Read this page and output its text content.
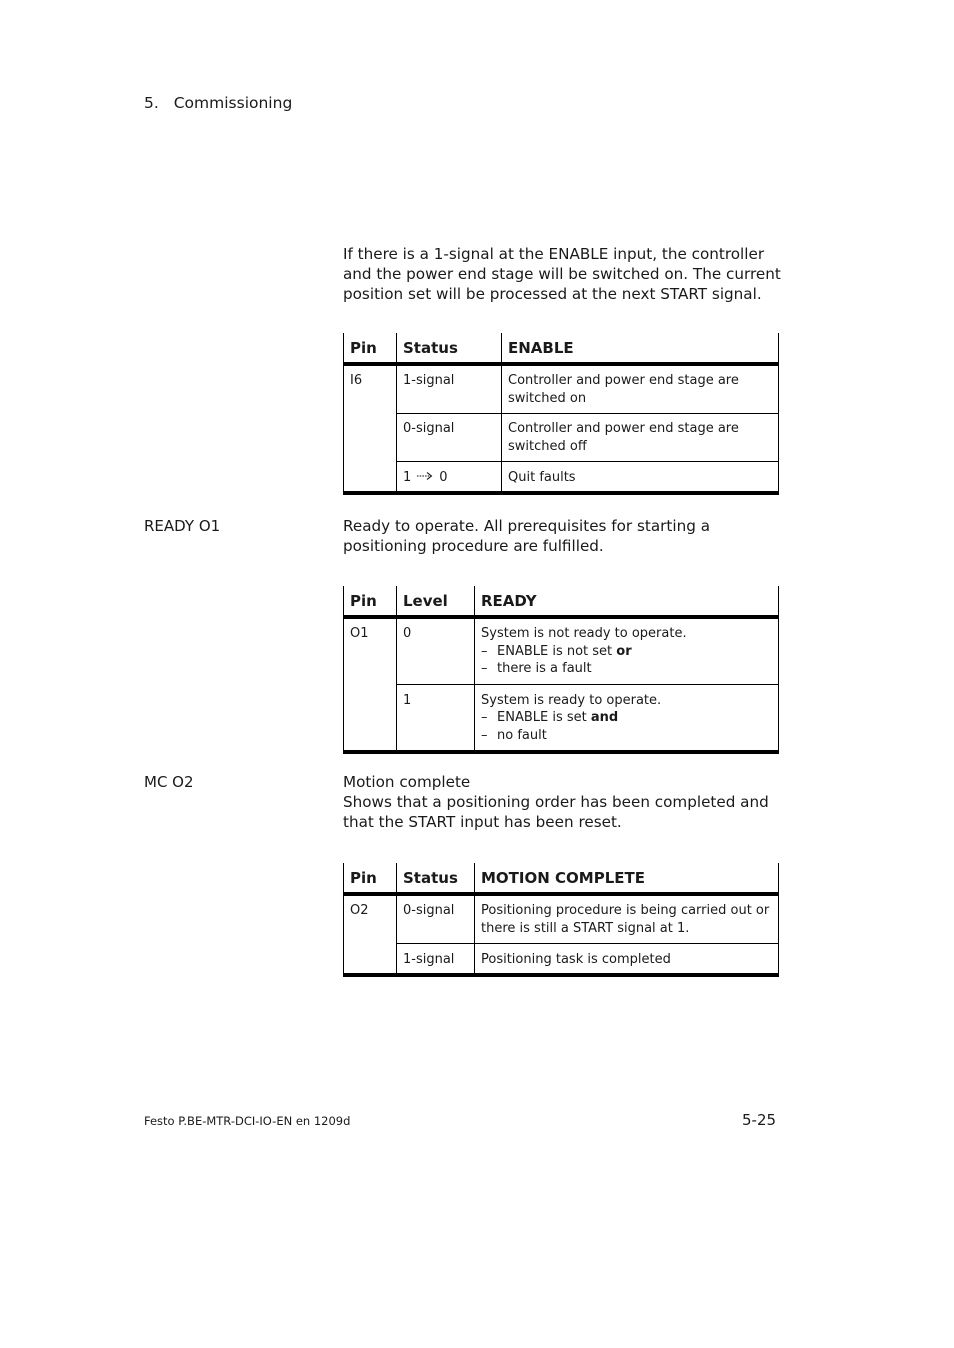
5. Commissioning
If there is a 1-signal at the ENABLE input, the controller and the power end stage will be switched on. The current position set will be processed at the next START signal.
Pin	Status	ENABLE
I6	1-signal	Controller and power end stage are switched on
	0-signal	Controller and power end stage are switched off
	1 0	Quit faults
READY O1	Ready to operate. All prerequisites for starting a positioning procedure are fulfilled.
Pin	Level	READY
O1	0	System is not ready to operate.
– ENABLE is not set or
– there is a fault

	1	System is ready to operate.
– ENABLE is set and
– no fault
MC O2	Motion complete
Shows that a positioning order has been completed and that the START input has been reset.
Pin	Status	MOTION COMPLETE
O2	0-signal	Positioning procedure is being carried out or there is still a START signal at 1.
	1-signal	Positioning task is completed
Festo P.BE-MTR-DCI-IO-EN en 1209d	5-25
